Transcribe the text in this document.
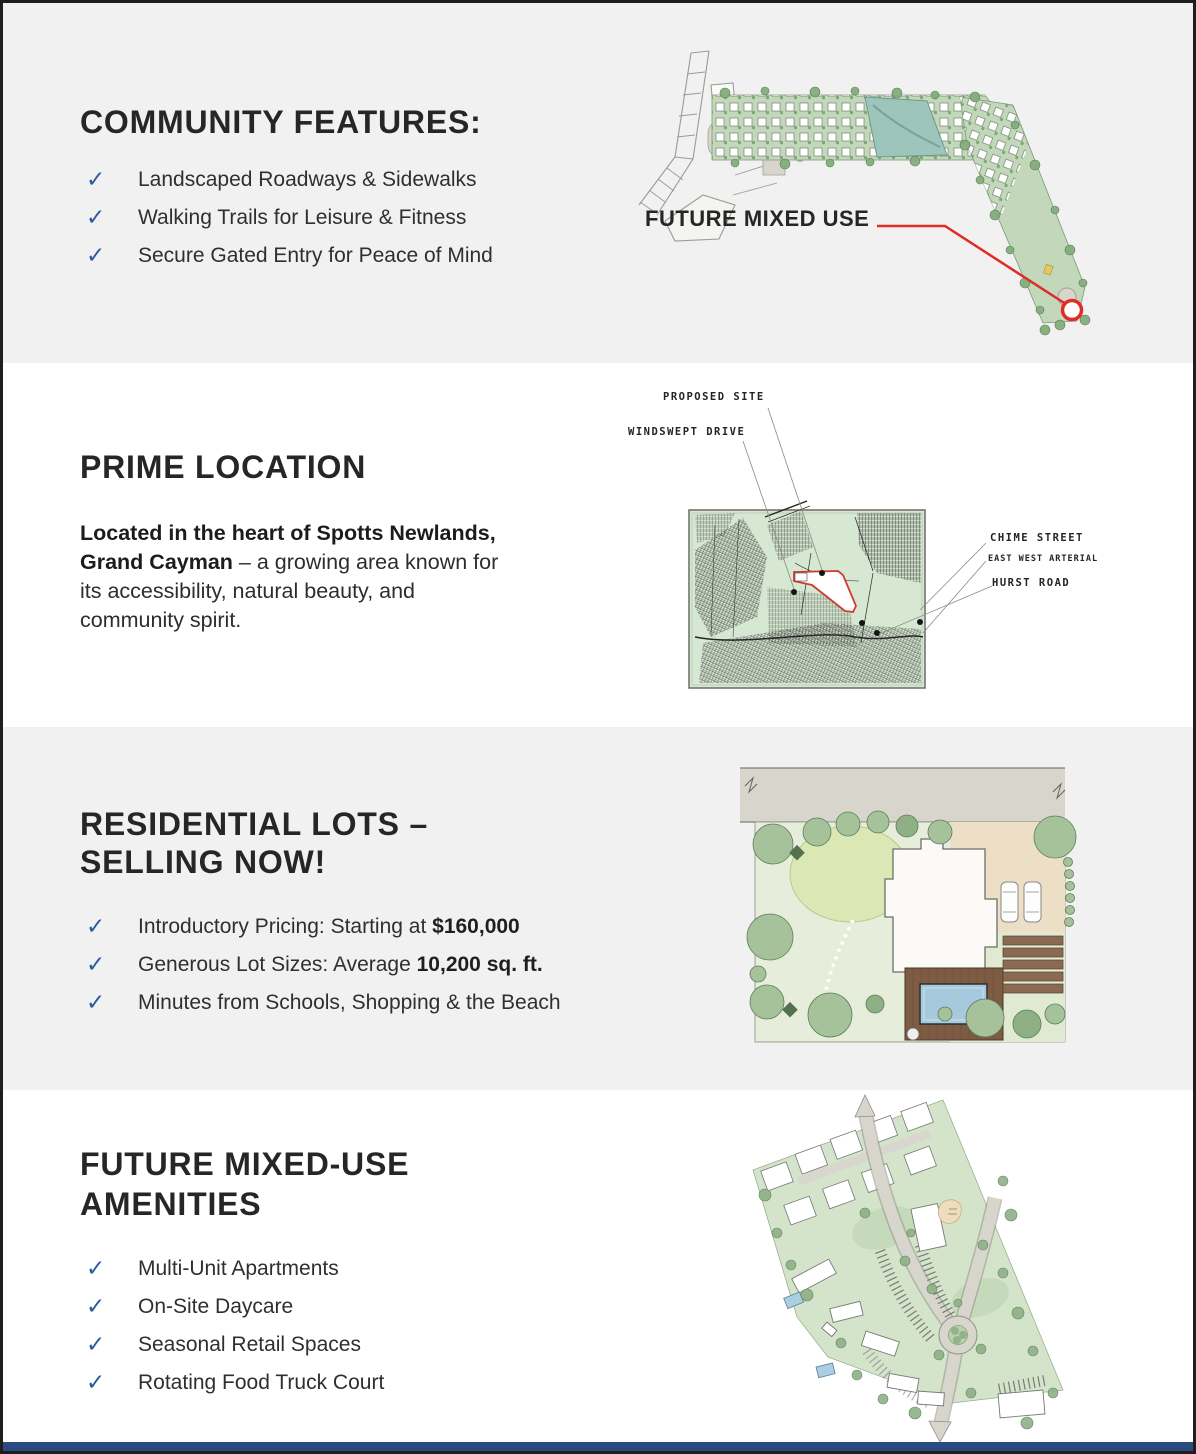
COMMUNITY FEATURES:
✓	Landscaped Roadways & Sidewalks
✓	Walking Trails for Leisure & Fitness
✓	Secure Gated Entry for Peace of Mind
FUTURE MIXED USE
PRIME LOCATION
Located in the heart of Spotts Newlands,
Grand Cayman – a growing area known for
its accessibility, natural beauty, and
community spirit.
PROPOSED SITE
WINDSWEPT DRIVE
CHIME STREET
EAST WEST ARTERIAL
HURST ROAD
RESIDENTIAL LOTS –
SELLING NOW!
✓	Introductory Pricing: Starting at $160,000
✓	Generous Lot Sizes: Average 10,200 sq. ft.
✓	Minutes from Schools, Shopping & the Beach
FUTURE MIXED-USE
AMENITIES
✓	Multi-Unit Apartments
✓	On-Site Daycare
✓	Seasonal Retail Spaces
✓	Rotating Food Truck Court
